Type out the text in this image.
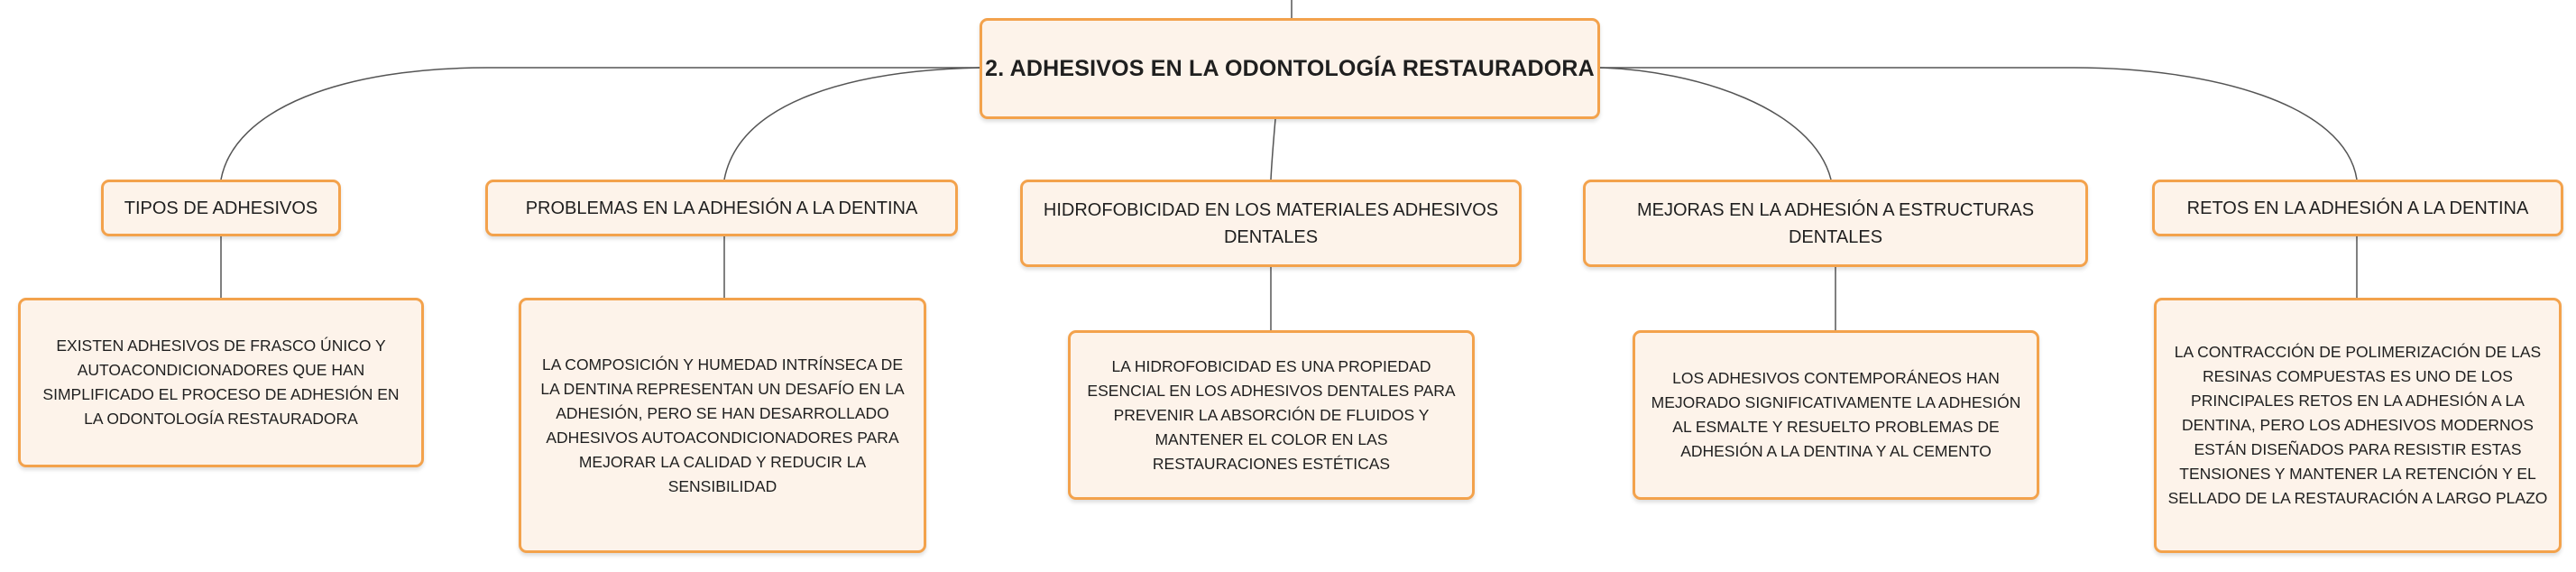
2. ADHESIVOS EN LA ODONTOLOGÍA RESTAURADORA
TIPOS DE ADHESIVOS	PROBLEMAS EN LA ADHESIÓN A LA DENTINA	HIDROFOBICIDAD EN LOS MATERIALES ADHESIVOS DENTALES
MEJORAS EN LA ADHESIÓN A ESTRUCTURAS DENTALES
RETOS EN LA ADHESIÓN A LA DENTINA
EXISTEN ADHESIVOS DE FRASCO ÚNICO Y AUTOACONDICIONADORES QUE HAN SIMPLIFICADO EL PROCESO DE ADHESIÓN EN LA ODONTOLOGÍA RESTAURADORA
LA COMPOSICIÓN Y HUMEDAD INTRÍNSECA DE LA DENTINA REPRESENTAN UN DESAFÍO EN LA ADHESIÓN, PERO SE HAN DESARROLLADO ADHESIVOS AUTOACONDICIONADORES PARA MEJORAR LA CALIDAD Y REDUCIR LA SENSIBILIDAD
LA HIDROFOBICIDAD ES UNA PROPIEDAD ESENCIAL EN LOS ADHESIVOS DENTALES PARA PREVENIR LA ABSORCIÓN DE FLUIDOS Y MANTENER EL COLOR EN LAS RESTAURACIONES ESTÉTICAS
LOS ADHESIVOS CONTEMPORÁNEOS HAN MEJORADO SIGNIFICATIVAMENTE LA ADHESIÓN AL ESMALTE Y RESUELTO PROBLEMAS DE ADHESIÓN A LA DENTINA Y AL CEMENTO
LA CONTRACCIÓN DE POLIMERIZACIÓN DE LAS RESINAS COMPUESTAS ES UNO DE LOS PRINCIPALES RETOS EN LA ADHESIÓN A LA DENTINA, PERO LOS ADHESIVOS MODERNOS ESTÁN DISEÑADOS PARA RESISTIR ESTAS TENSIONES Y MANTENER LA RETENCIÓN Y EL SELLADO DE LA RESTAURACIÓN A LARGO PLAZO
